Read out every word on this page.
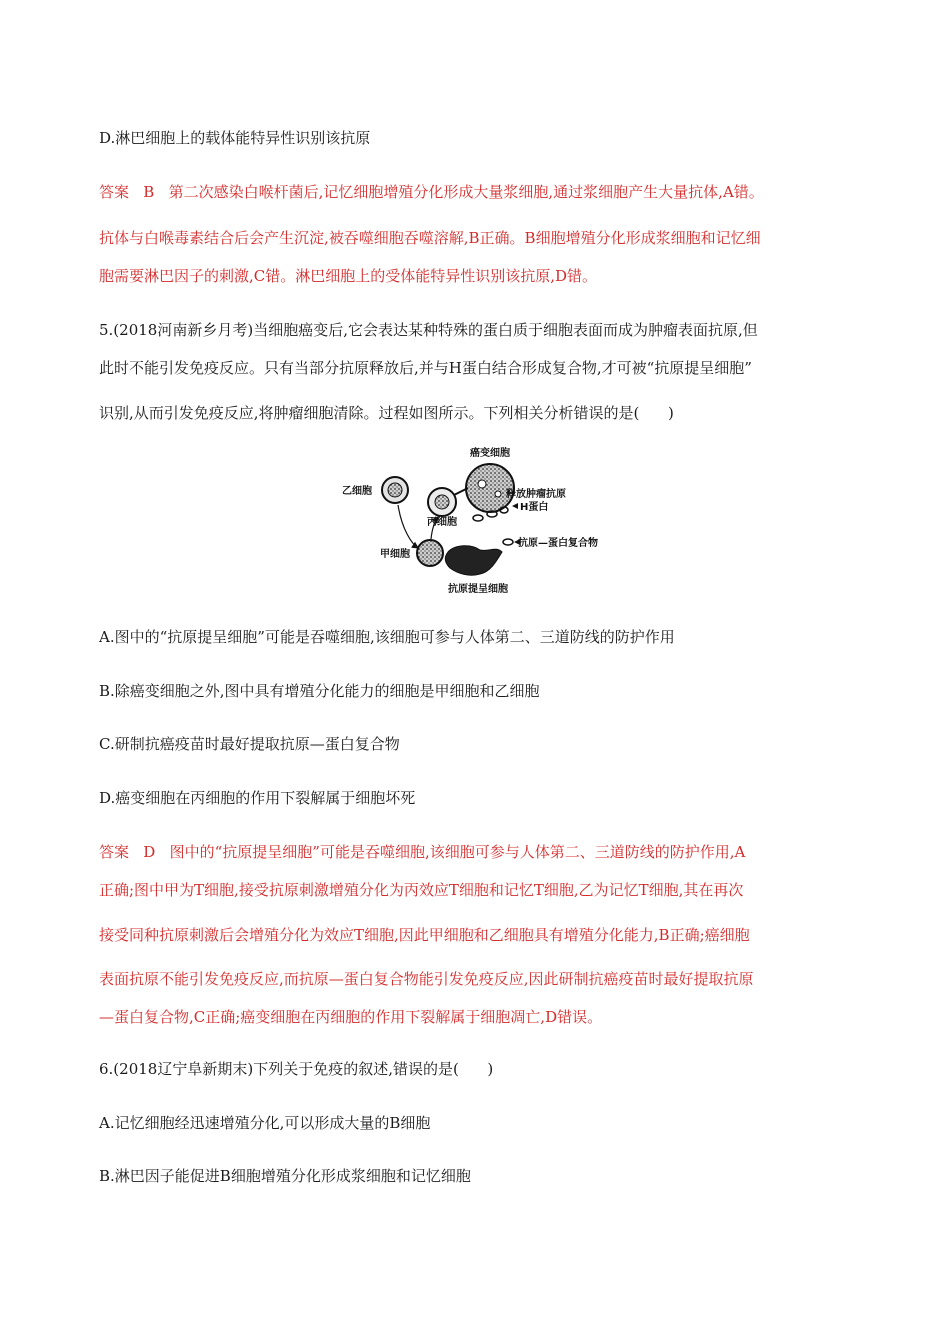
D.淋巴细胞上的载体能特异性识别该抗原
答案   B   第二次感染白喉杆菌后,记忆细胞增殖分化形成大量浆细胞,通过浆细胞产生大量抗体,A错。
抗体与白喉毒素结合后会产生沉淀,被吞噬细胞吞噬溶解,B正确。B细胞增殖分化形成浆细胞和记忆细
胞需要淋巴因子的刺激,C错。淋巴细胞上的受体能特异性识别该抗原,D错。
5.(2018河南新乡月考)当细胞癌变后,它会表达某种特殊的蛋白质于细胞表面而成为肿瘤表面抗原,但
此时不能引发免疫反应。只有当部分抗原释放后,并与H蛋白结合形成复合物,才可被“抗原提呈细胞”
识别,从而引发免疫反应,将肿瘤细胞清除。过程如图所示。下列相关分析错误的是(      )
癌变细胞
乙细胞
丙细胞
释放肿瘤抗原
H蛋白
抗原—蛋白复合物
甲细胞
抗原提呈细胞
A.图中的“抗原提呈细胞”可能是吞噬细胞,该细胞可参与人体第二、三道防线的防护作用
B.除癌变细胞之外,图中具有增殖分化能力的细胞是甲细胞和乙细胞
C.研制抗癌疫苗时最好提取抗原—蛋白复合物
D.癌变细胞在丙细胞的作用下裂解属于细胞坏死
答案   D   图中的“抗原提呈细胞”可能是吞噬细胞,该细胞可参与人体第二、三道防线的防护作用,A
正确;图中甲为T细胞,接受抗原刺激增殖分化为丙效应T细胞和记忆T细胞,乙为记忆T细胞,其在再次
接受同种抗原刺激后会增殖分化为效应T细胞,因此甲细胞和乙细胞具有增殖分化能力,B正确;癌细胞
表面抗原不能引发免疫反应,而抗原—蛋白复合物能引发免疫反应,因此研制抗癌疫苗时最好提取抗原
—蛋白复合物,C正确;癌变细胞在丙细胞的作用下裂解属于细胞凋亡,D错误。
6.(2018辽宁阜新期末)下列关于免疫的叙述,错误的是(      )
A.记忆细胞经迅速增殖分化,可以形成大量的B细胞
B.淋巴因子能促进B细胞增殖分化形成浆细胞和记忆细胞
